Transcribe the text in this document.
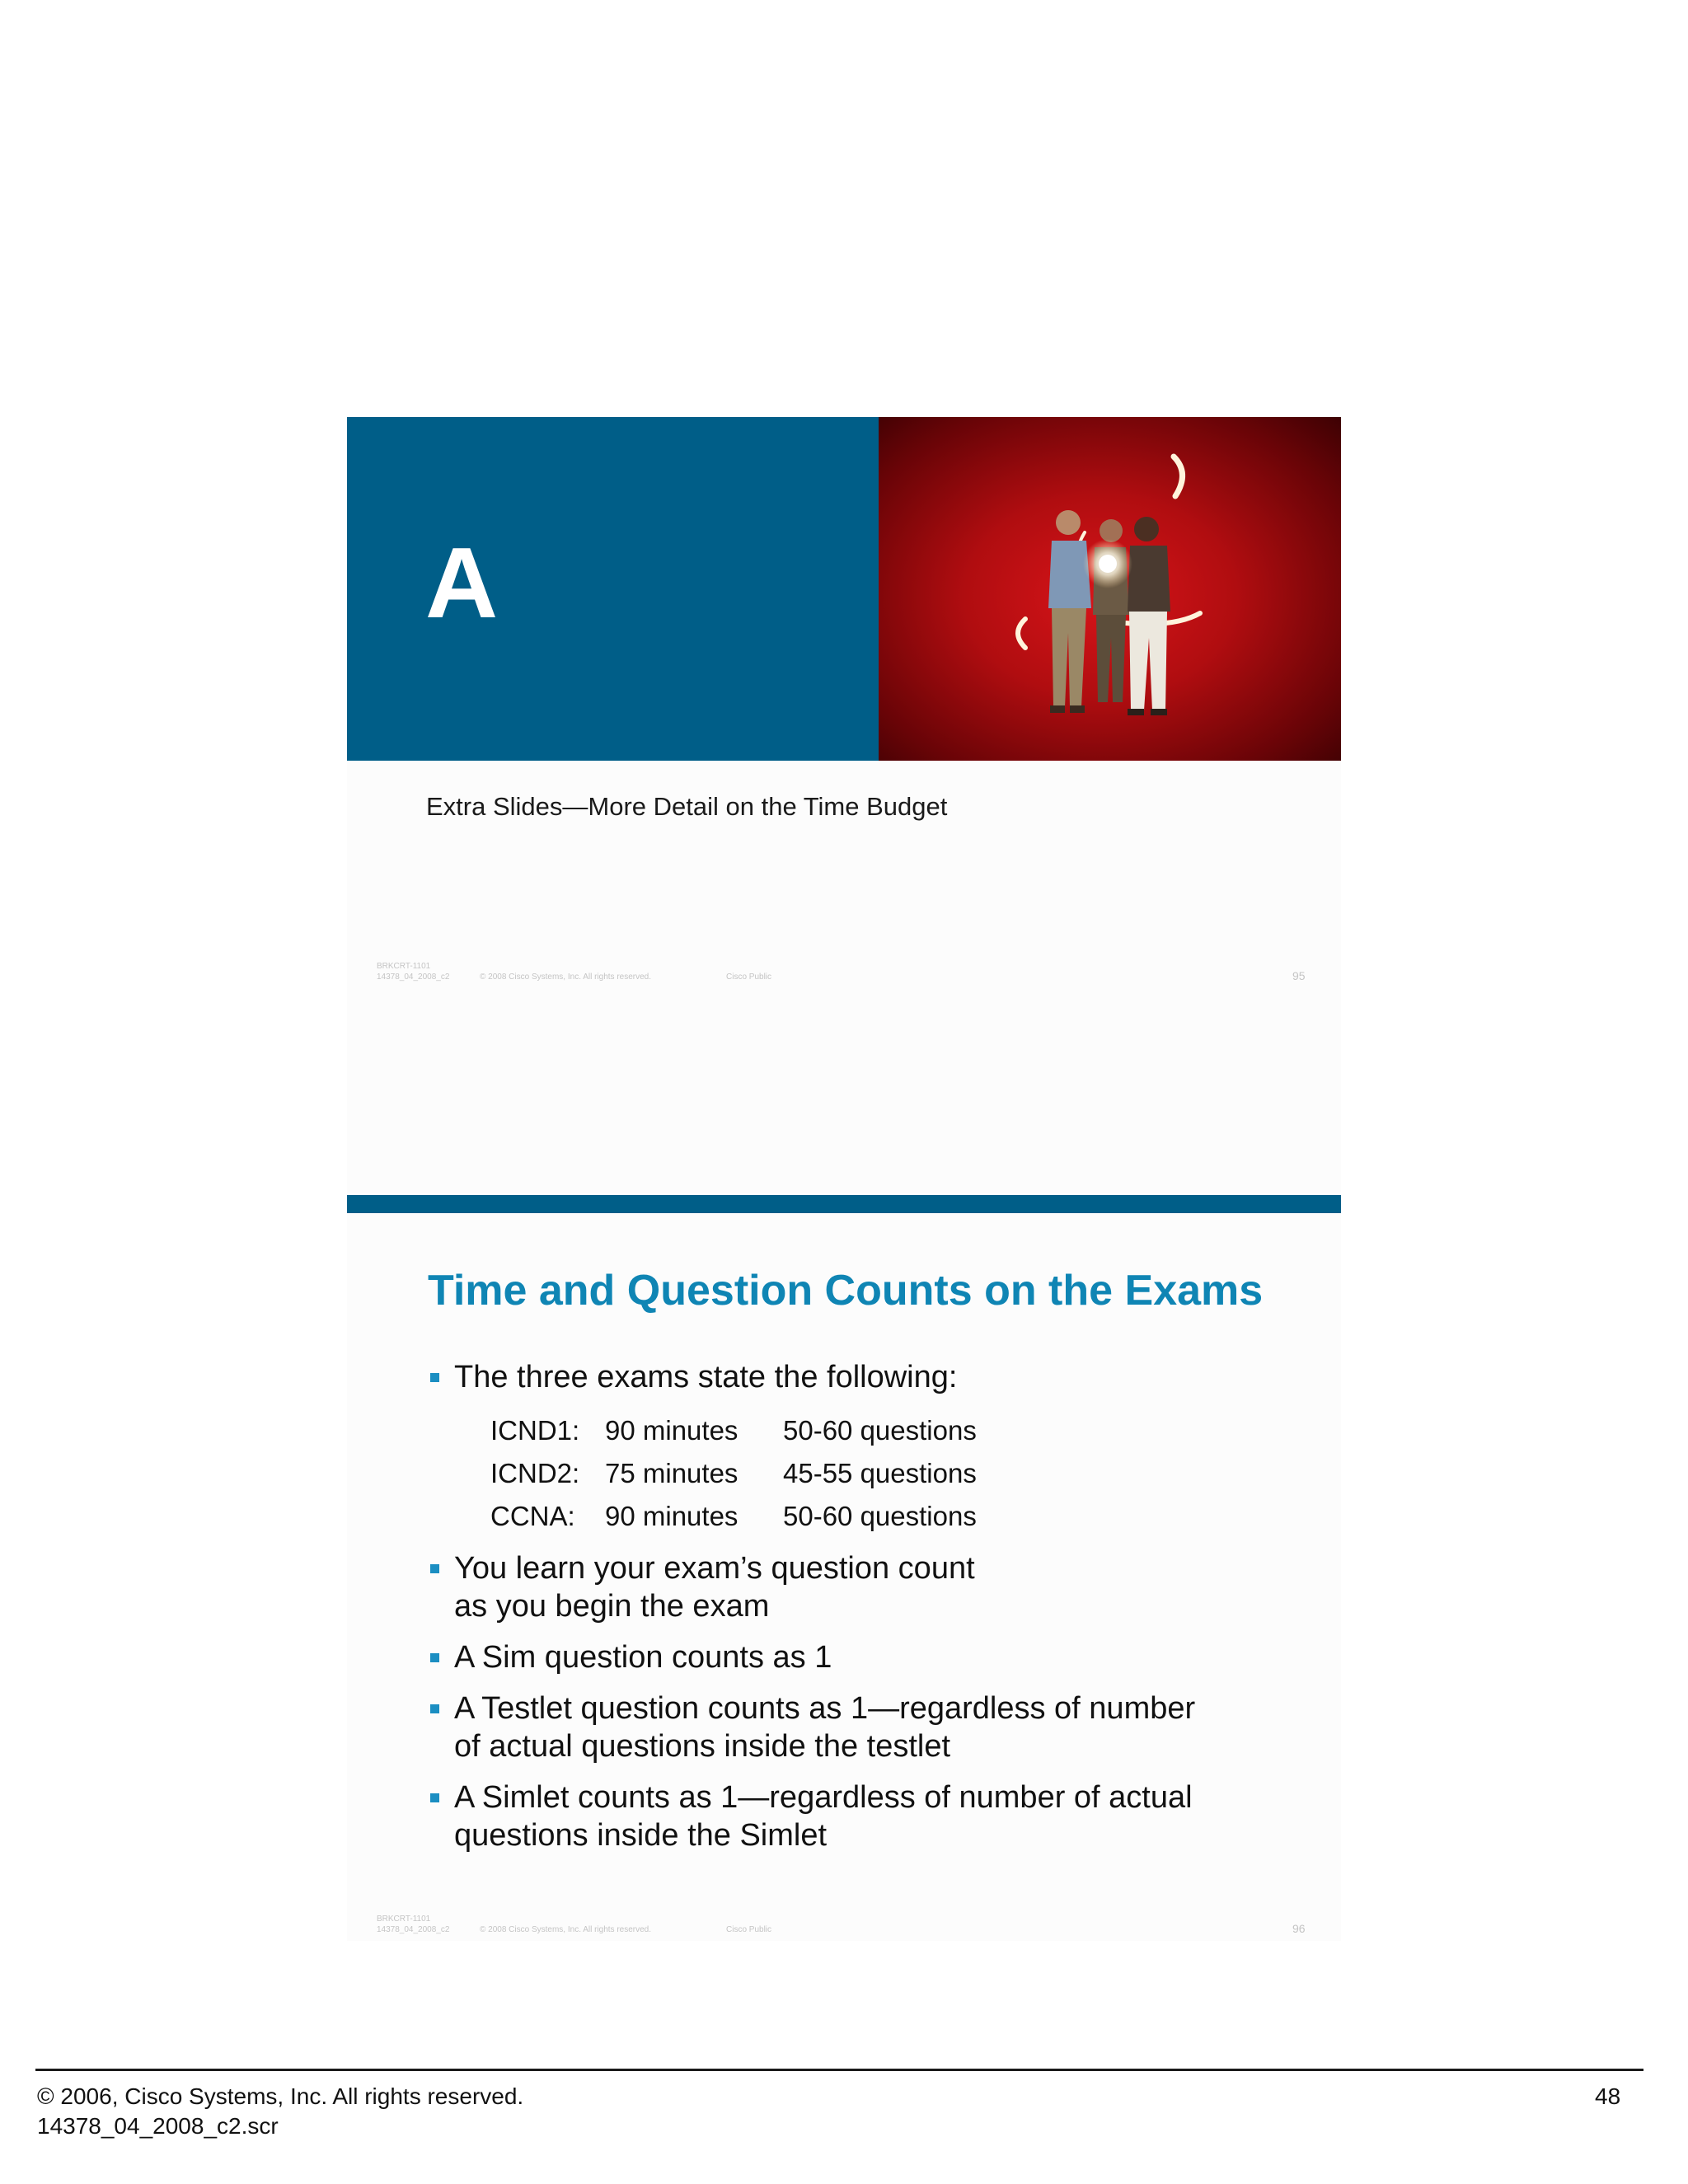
A
Extra Slides—More Detail on the Time Budget
BRKCRT-1101
14378_04_2008_c2	© 2008 Cisco Systems, Inc. All rights reserved.	Cisco Public	95
Time and Question Counts on the Exams
The three exams state the following:
ICND1:	90 minutes	50-60 questions
ICND2:	75 minutes	45-55 questions
CCNA:	90 minutes	50-60 questions
You learn your exam’s question count
as you begin the exam
A Sim question counts as 1
A Testlet question counts as 1—regardless of number
of actual questions inside the testlet
A Simlet counts as 1—regardless of number of actual
questions inside the Simlet
BRKCRT-1101
14378_04_2008_c2	© 2008 Cisco Systems, Inc. All rights reserved.	Cisco Public	96
© 2006, Cisco Systems, Inc. All rights reserved.
14378_04_2008_c2.scr
48
